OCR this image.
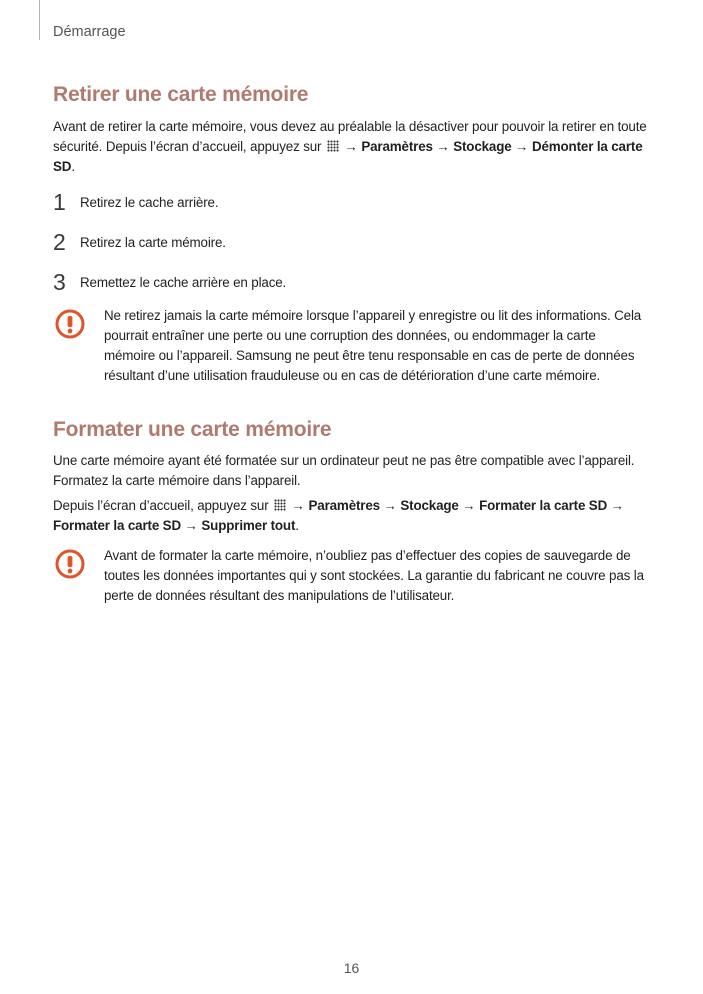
Démarrage
Retirer une carte mémoire

Avant de retirer la carte mémoire, vous devez au préalable la désactiver pour pouvoir la retirer en toute sécurité. Depuis l’écran d’accueil, appuyez sur → Paramètres → Stockage → Démonter la carte SD.

1 Retirez le cache arrière.
2 Retirez la carte mémoire.
3 Remettez le cache arrière en place.

Ne retirez jamais la carte mémoire lorsque l’appareil y enregistre ou lit des informations. Cela pourrait entraîner une perte ou une corruption des données, ou endommager la carte mémoire ou l’appareil. Samsung ne peut être tenu responsable en cas de perte de données résultant d’une utilisation frauduleuse ou en cas de détérioration d’une carte mémoire.

Formater une carte mémoire

Une carte mémoire ayant été formatée sur un ordinateur peut ne pas être compatible avec l’appareil. Formatez la carte mémoire dans l’appareil.

Depuis l’écran d’accueil, appuyez sur → Paramètres → Stockage → Formater la carte SD → Formater la carte SD → Supprimer tout.

Avant de formater la carte mémoire, n’oubliez pas d’effectuer des copies de sauvegarde de toutes les données importantes qui y sont stockées. La garantie du fabricant ne couvre pas la perte de données résultant des manipulations de l’utilisateur.

16
